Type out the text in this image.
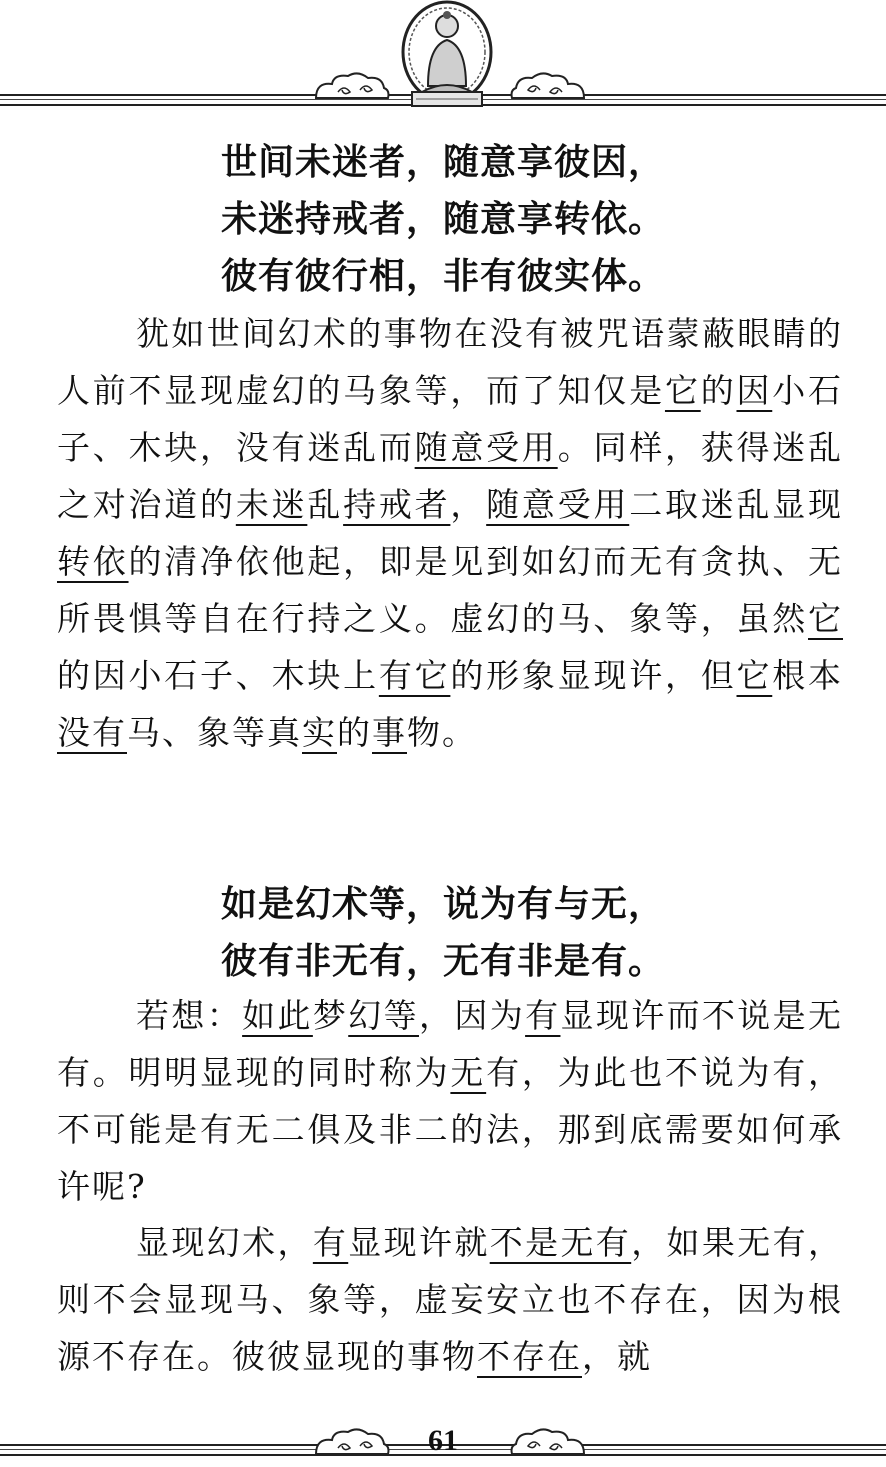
世间未迷者，随意享彼因，
未迷持戒者，随意享转依。
彼有彼行相，非有彼实体。
犹如世间幻术的事物在没有被咒语蒙蔽眼睛的人前不显现虚幻的马象等，而了知仅是它的因小石子、木块，没有迷乱而随意受用。同样，获得迷乱之对治道的未迷乱持戒者，随意受用二取迷乱显现转依的清净依他起，即是见到如幻而无有贪执、无所畏惧等自在行持之义。虚幻的马、象等，虽然它的因小石子、木块上有它的形象显现许，但它根本没有马、象等真实的事物。
如是幻术等，说为有与无，
彼有非无有，无有非是有。
若想：如此梦幻等，因为有显现许而不说是无有。明明显现的同时称为无有，为此也不说为有，不可能是有无二俱及非二的法，那到底需要如何承许呢?
显现幻术，有显现许就不是无有，如果无有，则不会显现马、象等，虚妄安立也不存在，因为根源不存在。彼彼显现的事物不存在，就
61
